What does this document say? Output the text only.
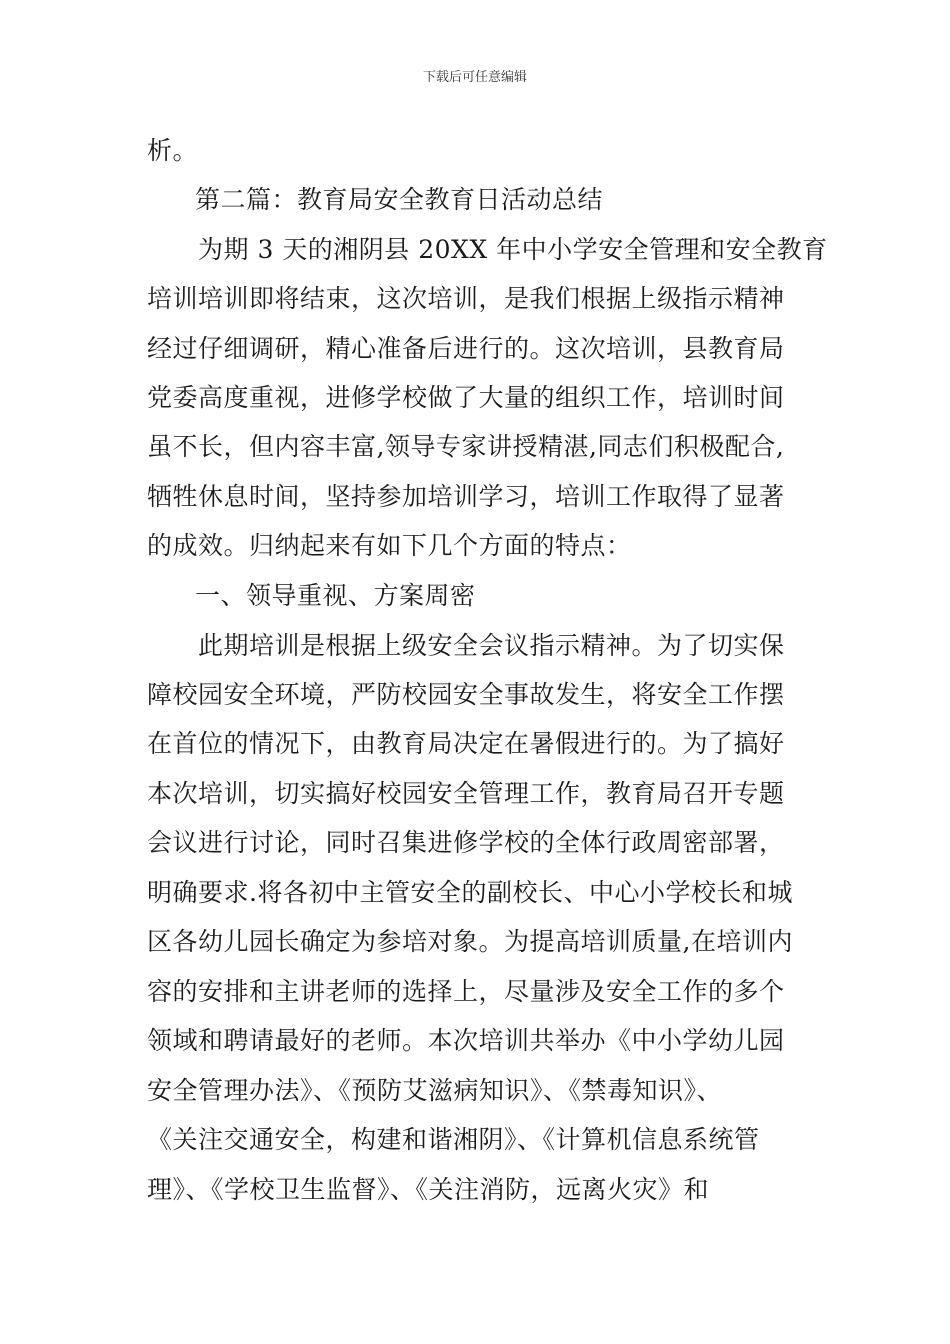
下载后可任意编辑
析。
第二篇：教育局安全教育日活动总结
为期 3 天的湘阴县 20XX 年中小学安全管理和安全教育
培训培训即将结束，这次培训，是我们根据上级指示精神
经过仔细调研，精心准备后进行的。这次培训，县教育局
党委高度重视，进修学校做了大量的组织工作，培训时间
虽不长，但内容丰富,领导专家讲授精湛,同志们积极配合,
牺牲休息时间，坚持参加培训学习，培训工作取得了显著
的成效。归纳起来有如下几个方面的特点：
一、领导重视、方案周密
此期培训是根据上级安全会议指示精神。为了切实保
障校园安全环境，严防校园安全事故发生，将安全工作摆
在首位的情况下，由教育局决定在暑假进行的。为了搞好
本次培训，切实搞好校园安全管理工作，教育局召开专题
会议进行讨论，同时召集进修学校的全体行政周密部署，
明确要求.将各初中主管安全的副校长、中心小学校长和城
区各幼儿园长确定为参培对象。为提高培训质量,在培训内
容的安排和主讲老师的选择上，尽量涉及安全工作的多个
领域和聘请最好的老师。本次培训共举办《中小学幼儿园
安全管理办法》、《预防艾滋病知识》、《禁毒知识》、
《关注交通安全，构建和谐湘阴》、《计算机信息系统管
理》、《学校卫生监督》、《关注消防，远离火灾》和
